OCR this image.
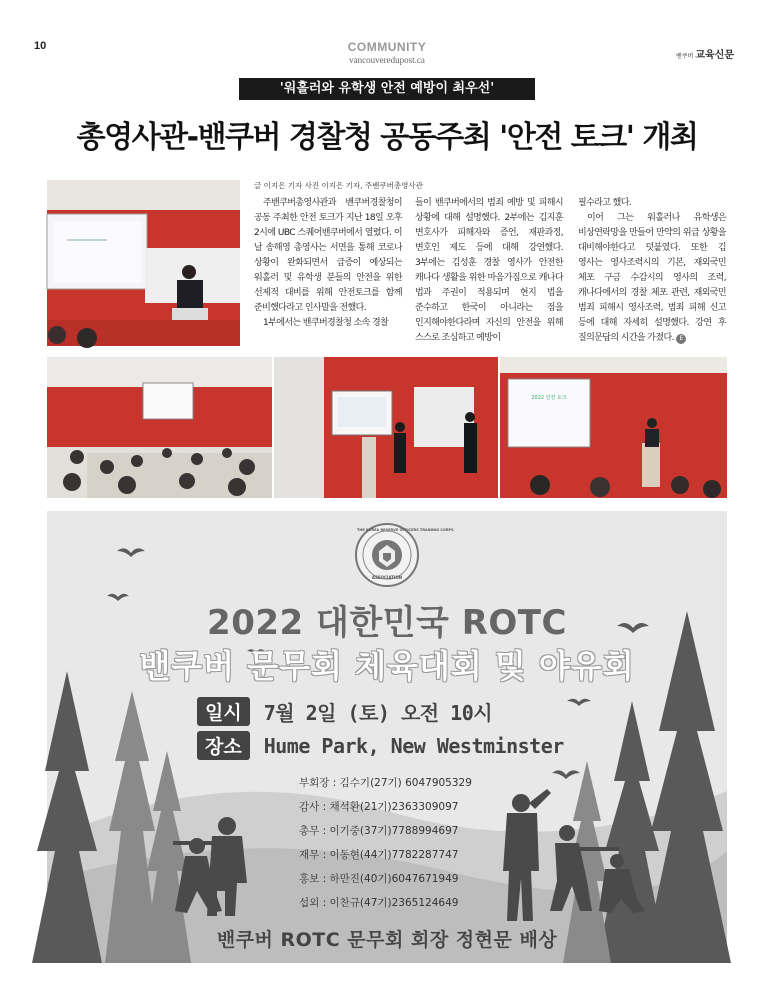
10	COMMUNITY
vancouveredupost.ca	밴쿠버 교육신문
'워홀러와 유학생 안전 예방이 최우선'
총영사관-밴쿠버 경찰청 공동주최 '안전 토크' 개최
글 이지은 기자 사진 이지은 기자, 주밴쿠버총영사관

주밴쿠버총영사관과 밴쿠버경찰청이 공동 주최한 안전 토크가 지난 18일 오후 2시에 UBC 스퀘어밴쿠버에서 열렸다. 이 날 송해영 총영사는 서면을 통해 코로나 상황이 완화되면서 급증이 예상되는 워홀러 및 유학생 분들의 안전을 위한 선제적 대비를 위해 안전토크를 함께 준비했다라고 인사말을 전했다.

1부에서는 밴쿠버경찰청 소속 경찰

들이 밴쿠버에서의 범죄 예방 및 피해시 상황에 대해 설명했다. 2부에는 김지훈 변호사가 피해자와 증언, 재판과정, 변호인 제도 등에 대해 강연했다. 3부에는 김성훈 경찰 영사가 안전한 캐나다 생활을 위한 마음가짐으로 캐나다 법과 주권이 적용되며 현지 법을 준수하고 한국이 아니라는 점을 인지해야한다라며 자신의 안전을 위해 스스로 조심하고 예방이

필수라고 했다.

이어 그는 워홀러나 유학생은 비상연락망을 만들어 만약의 위급 상황을 대비해야한다고 덧붙였다. 또한 김 영사는 영사조력시의 기본, 재외국민 체포 구금 수감시의 영사의 조력, 캐나다에서의 경찰 체포 관련, 재외국민 범죄 피해시 영사조력, 범죄 피해 신고 등에 대해 자세히 설명했다. 강연 후 질의문답의 시간을 가졌다. E

2022 안전 토크
THE KOREA RESERVE OFFICERS TRAINING CORPS
ASSOCIATION
2022 대한민국 ROTC
밴쿠버 문무회 체육대회 및 야유회
일시	7월 2일 (토) 오전 10시
장소	Hume Park, New Westminster
부회장 : 김수기(27기) 6047905329
감사 : 채석환(21기)2363309097
총무 : 이기중(37기)7788994697
재무 : 이동현(44기)7782287747
홍보 : 하만진(40기)6047671949
섭외 : 이찬규(47기)2365124649
밴쿠버 ROTC 문무회 회장 정현문 배상
